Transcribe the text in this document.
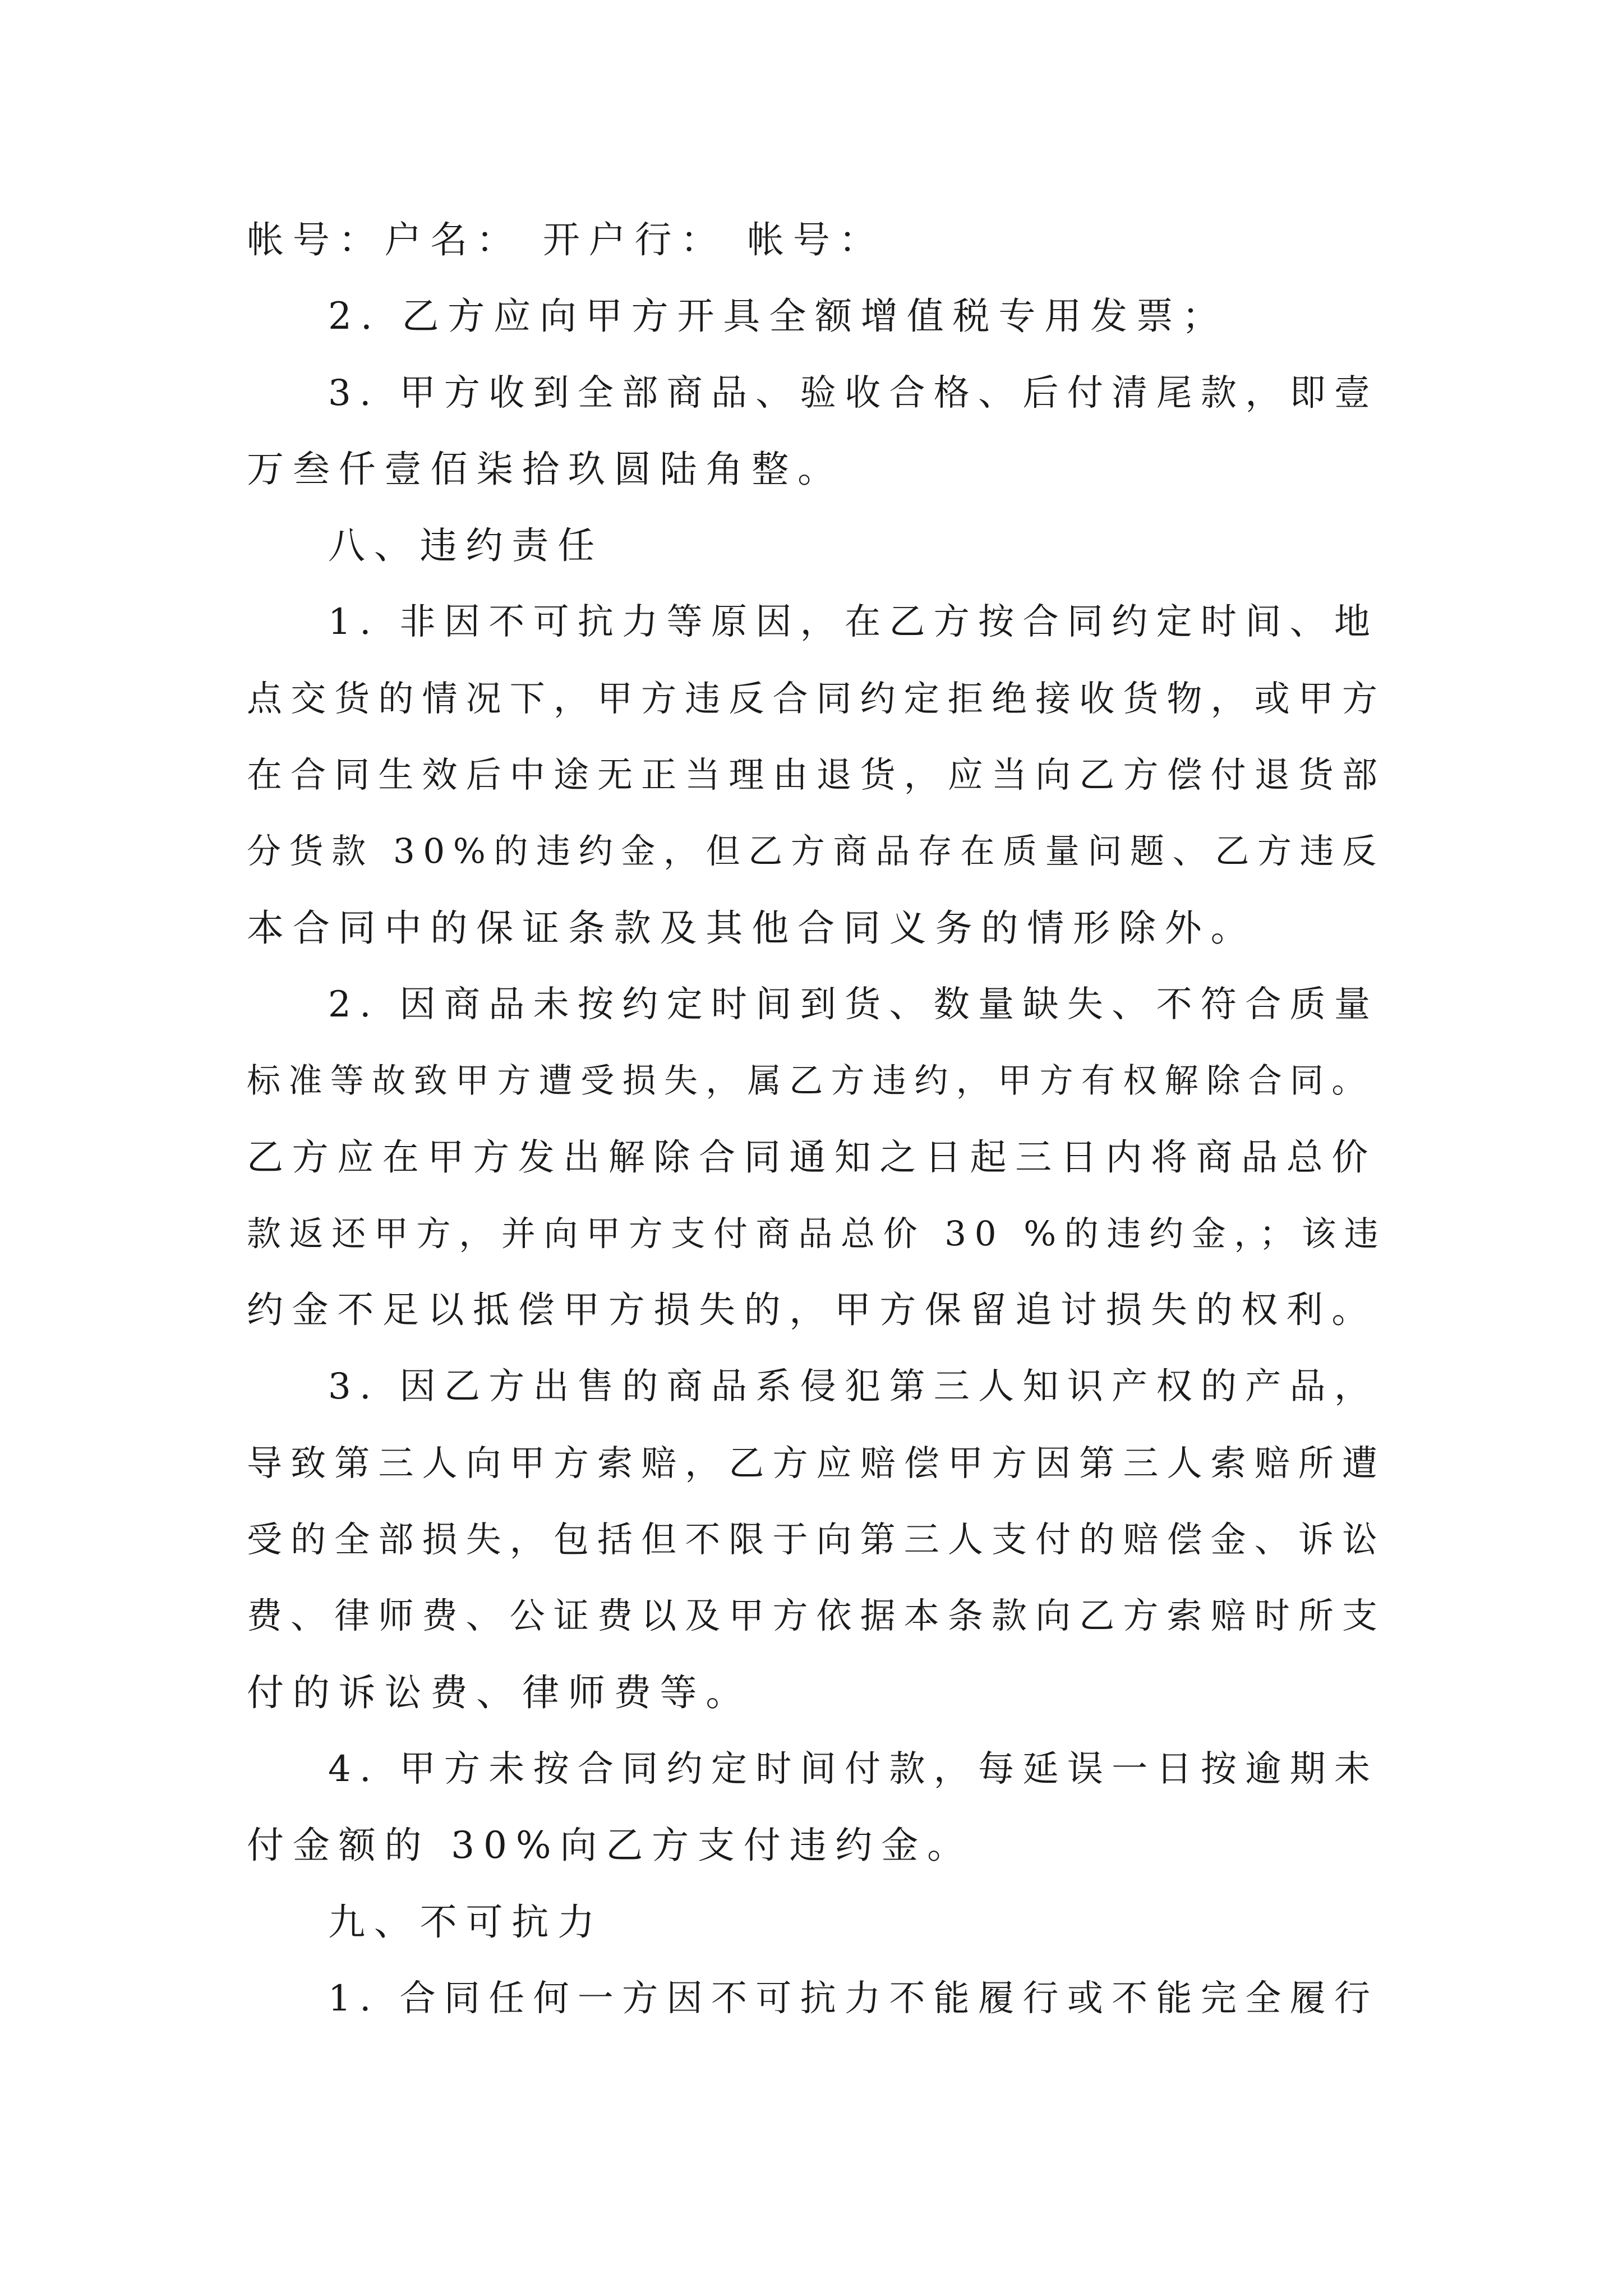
帐号：户名： 开户行： 帐号：
2. 乙方应向甲方开具全额增值税专用发票；
3. 甲方收到全部商品、验收合格、后付清尾款，即壹
万叁仟壹佰柒拾玖圆陆角整。
八、违约责任
1. 非因不可抗力等原因，在乙方按合同约定时间、地
点交货的情况下，甲方违反合同约定拒绝接收货物，或甲方
在合同生效后中途无正当理由退货，应当向乙方偿付退货部
分货款 30%的违约金，但乙方商品存在质量问题、乙方违反
本合同中的保证条款及其他合同义务的情形除外。
2. 因商品未按约定时间到货、数量缺失、不符合质量
标准等故致甲方遭受损失，属乙方违约，甲方有权解除合同。
乙方应在甲方发出解除合同通知之日起三日内将商品总价
款返还甲方，并向甲方支付商品总价 30 %的违约金，；该违
约金不足以抵偿甲方损失的，甲方保留追讨损失的权利。
3. 因乙方出售的商品系侵犯第三人知识产权的产品，
导致第三人向甲方索赔，乙方应赔偿甲方因第三人索赔所遭
受的全部损失，包括但不限于向第三人支付的赔偿金、诉讼
费、律师费、公证费以及甲方依据本条款向乙方索赔时所支
付的诉讼费、律师费等。
4. 甲方未按合同约定时间付款，每延误一日按逾期未
付金额的 30%向乙方支付违约金。
九、不可抗力
1. 合同任何一方因不可抗力不能履行或不能完全履行
